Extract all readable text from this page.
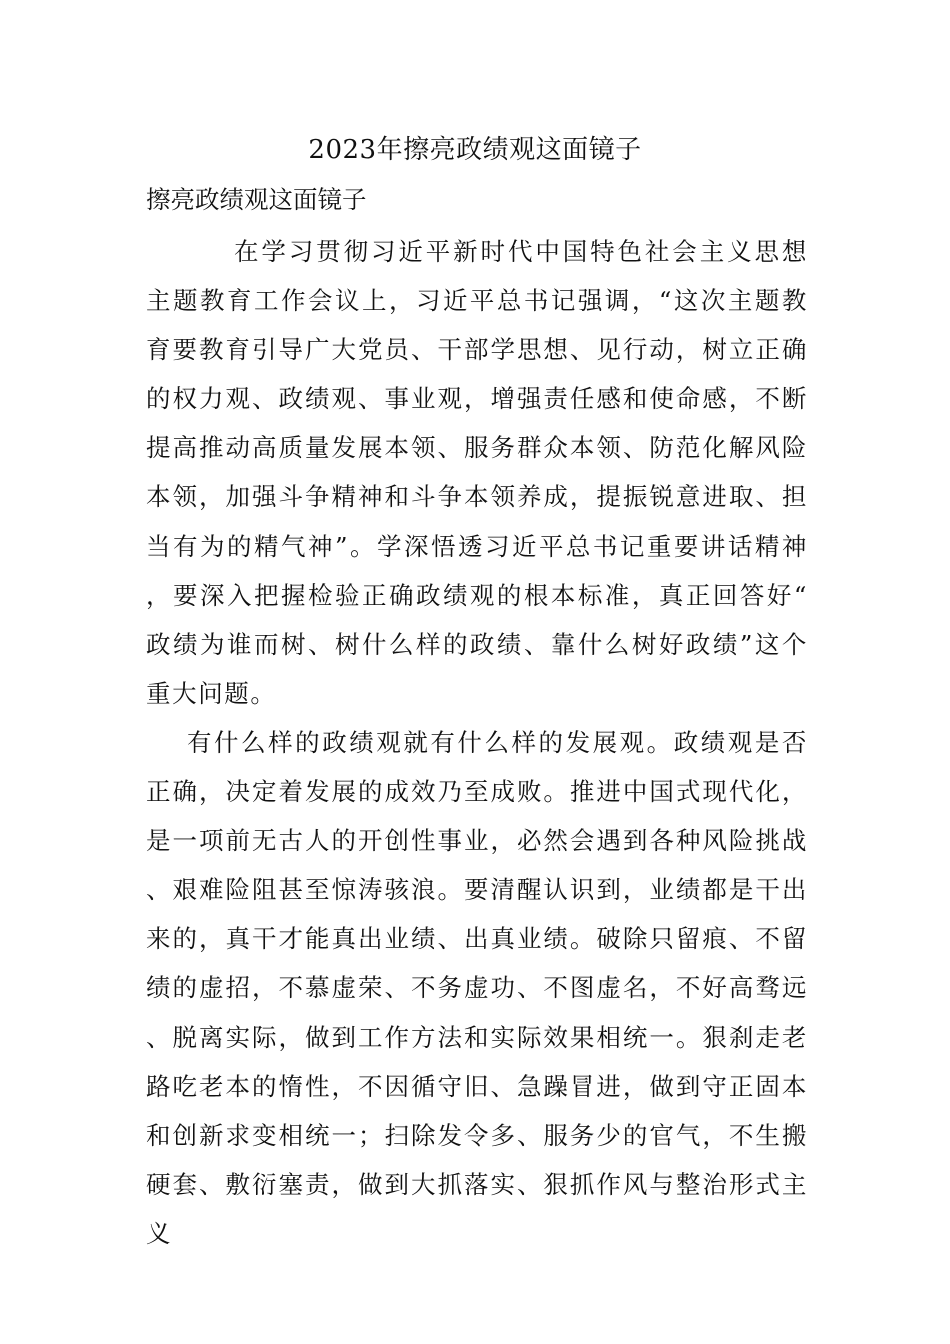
2023年擦亮政绩观这面镜子

擦亮政绩观这面镜子

在学习贯彻习近平新时代中国特色社会主义思想主题教育工作会议上，习近平总书记强调，“这次主题教育要教育引导广大党员、干部学思想、见行动，树立正确的权力观、政绩观、事业观，增强责任感和使命感，不断提高推动高质量发展本领、服务群众本领、防范化解风险本领，加强斗争精神和斗争本领养成，提振锐意进取、担当有为的精气神”。学深悟透习近平总书记重要讲话精神，要深入把握检验正确政绩观的根本标准，真正回答好“政绩为谁而树、树什么样的政绩、靠什么树好政绩”这个重大问题。

有什么样的政绩观就有什么样的发展观。政绩观是否正确，决定着发展的成效乃至成败。推进中国式现代化，是一项前无古人的开创性事业，必然会遇到各种风险挑战、艰难险阻甚至惊涛骇浪。要清醒认识到，业绩都是干出来的，真干才能真出业绩、出真业绩。破除只留痕、不留绩的虚招，不慕虚荣、不务虚功、不图虚名，不好高骛远、脱离实际，做到工作方法和实际效果相统一。狠刹走老路吃老本的惰性，不因循守旧、急躁冒进，做到守正固本和创新求变相统一；扫除发令多、服务少的官气，不生搬硬套、敷衍塞责，做到大抓落实、狠抓作风与整治形式主义
